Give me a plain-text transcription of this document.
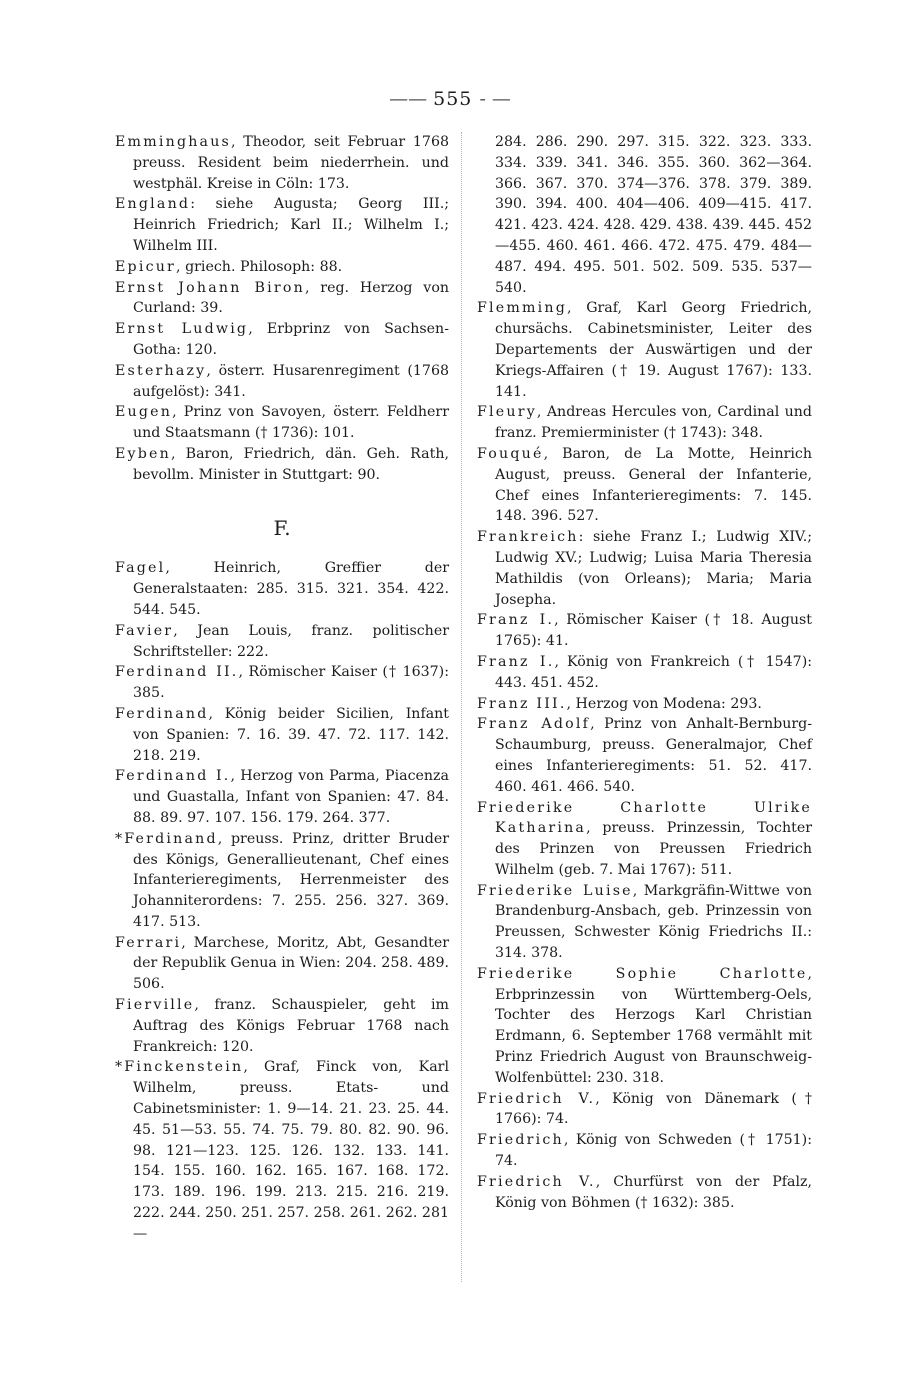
—— 555 - —
Emminghaus, Theodor, seit Februar 1768 preuss. Resident beim niederrhein. und westphäl. Kreise in Cöln: 173.
England: siehe Augusta; Georg III.; Heinrich Friedrich; Karl II.; Wilhelm I.; Wilhelm III.
Epicur, griech. Philosoph: 88.
Ernst Johann Biron, reg. Herzog von Curland: 39.
Ernst Ludwig, Erbprinz von Sachsen-Gotha: 120.
Esterhazy, österr. Husarenregiment (1768 aufgelöst): 341.
Eugen, Prinz von Savoyen, österr. Feldherr und Staatsmann († 1736): 101.
Eyben, Baron, Friedrich, dän. Geh. Rath, bevollm. Minister in Stuttgart: 90.
F.
Fagel, Heinrich, Greffier der Generalstaaten: 285. 315. 321. 354. 422. 544. 545.
Favier, Jean Louis, franz. politischer Schriftsteller: 222.
Ferdinand II., Römischer Kaiser († 1637): 385.
Ferdinand, König beider Sicilien, Infant von Spanien: 7. 16. 39. 47. 72. 117. 142. 218. 219.
Ferdinand I., Herzog von Parma, Piacenza und Guastalla, Infant von Spanien: 47. 84. 88. 89. 97. 107. 156. 179. 264. 377.
*Ferdinand, preuss. Prinz, dritter Bruder des Königs, Generallieutenant, Chef eines Infanterieregiments, Herrenmeister des Johanniterordens: 7. 255. 256. 327. 369. 417. 513.
Ferrari, Marchese, Moritz, Abt, Gesandter der Republik Genua in Wien: 204. 258. 489. 506.
Fierville, franz. Schauspieler, geht im Auftrag des Königs Februar 1768 nach Frankreich: 120.
*Finckenstein, Graf, Finck von, Karl Wilhelm, preuss. Etats- und Cabinetsminister: 1. 9—14. 21. 23. 25. 44. 45. 51—53. 55. 74. 75. 79. 80. 82. 90. 96. 98. 121—123. 125. 126. 132. 133. 141. 154. 155. 160. 162. 165. 167. 168. 172. 173. 189. 196. 199. 213. 215. 216. 219. 222. 244. 250. 251. 257. 258. 261. 262. 281—
284. 286. 290. 297. 315. 322. 323. 333. 334. 339. 341. 346. 355. 360. 362—364. 366. 367. 370. 374—376. 378. 379. 389. 390. 394. 400. 404—406. 409—415. 417. 421. 423. 424. 428. 429. 438. 439. 445. 452—455. 460. 461. 466. 472. 475. 479. 484—487. 494. 495. 501. 502. 509. 535. 537—540.
Flemming, Graf, Karl Georg Friedrich, chursächs. Cabinetsminister, Leiter des Departements der Auswärtigen und der Kriegs-Affairen († 19. August 1767): 133. 141.
Fleury, Andreas Hercules von, Cardinal und franz. Premierminister († 1743): 348.
Fouqué, Baron, de La Motte, Heinrich August, preuss. General der Infanterie, Chef eines Infanterieregiments: 7. 145. 148. 396. 527.
Frankreich: siehe Franz I.; Ludwig XIV.; Ludwig XV.; Ludwig; Luisa Maria Theresia Mathildis (von Orleans); Maria; Maria Josepha.
Franz I., Römischer Kaiser († 18. August 1765): 41.
Franz I., König von Frankreich († 1547): 443. 451. 452.
Franz III., Herzog von Modena: 293.
Franz Adolf, Prinz von Anhalt-Bernburg-Schaumburg, preuss. Generalmajor, Chef eines Infanterieregiments: 51. 52. 417. 460. 461. 466. 540.
Friederike Charlotte Ulrike Katharina, preuss. Prinzessin, Tochter des Prinzen von Preussen Friedrich Wilhelm (geb. 7. Mai 1767): 511.
Friederike Luise, Markgräfin-Wittwe von Brandenburg-Ansbach, geb. Prinzessin von Preussen, Schwester König Friedrichs II.: 314. 378.
Friederike Sophie Charlotte, Erbprinzessin von Württemberg-Oels, Tochter des Herzogs Karl Christian Erdmann, 6. September 1768 vermählt mit Prinz Friedrich August von Braunschweig-Wolfenbüttel: 230. 318.
Friedrich V., König von Dänemark († 1766): 74.
Friedrich, König von Schweden († 1751): 74.
Friedrich V., Churfürst von der Pfalz, König von Böhmen († 1632): 385.
